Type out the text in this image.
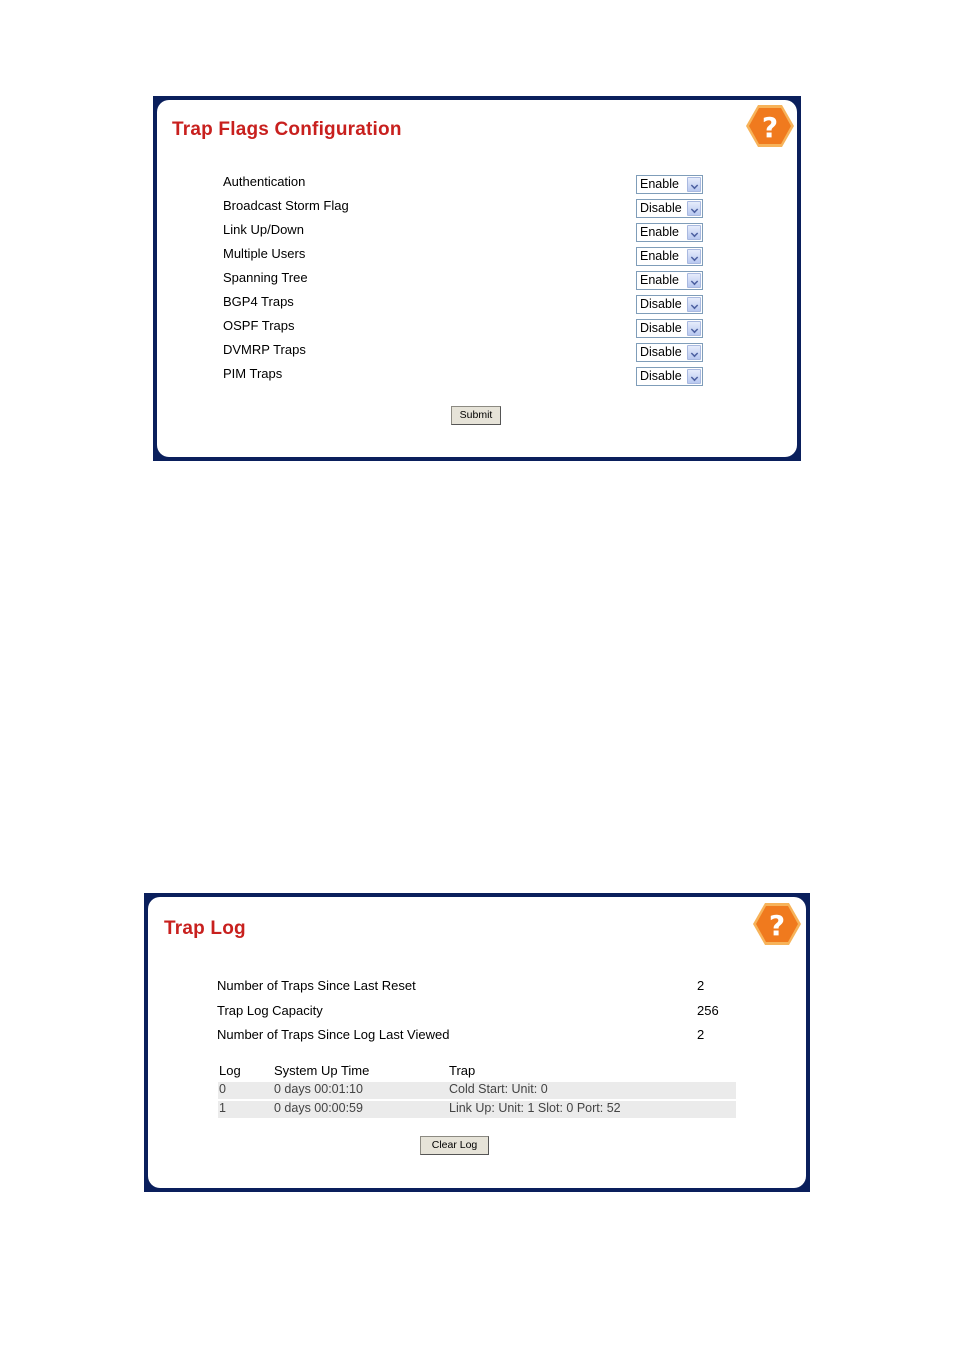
Trap Flags Configuration	?
Authentication	Enable
Broadcast Storm Flag	Disable
Link Up/Down	Enable
Multiple Users	Enable
Spanning Tree	Enable
BGP4 Traps	Disable
OSPF Traps	Disable
DVMRP Traps	Disable
PIM Traps	Disable
Submit
Trap Log	?
Number of Traps Since Last Reset	2
Trap Log Capacity	256
Number of Traps Since Log Last Viewed	2
Log	System Up Time	Trap
0	0 days 00:01:10	Cold Start: Unit: 0
1	0 days 00:00:59	Link Up: Unit: 1 Slot: 0 Port: 52
Clear Log
